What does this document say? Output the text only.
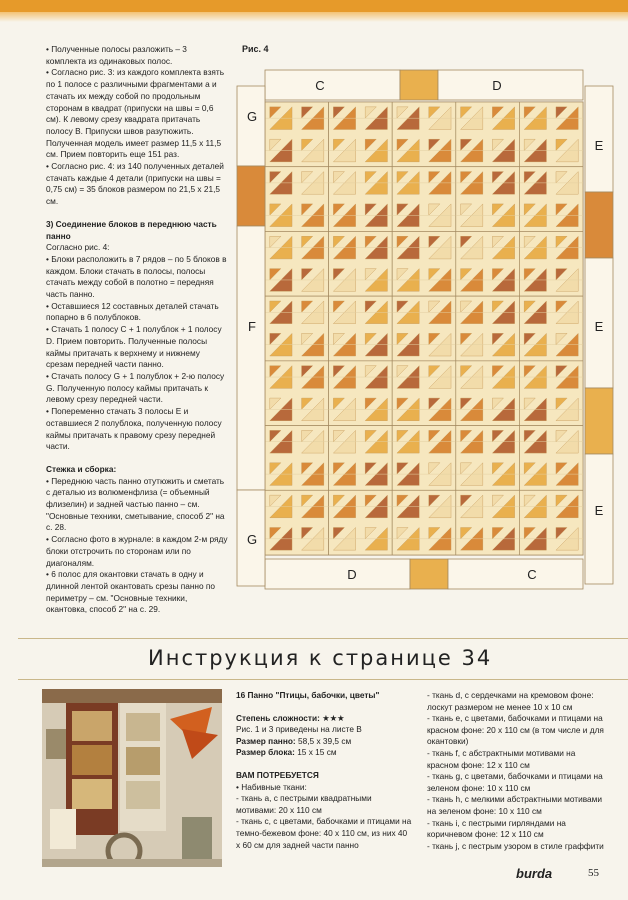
• Полученные полосы разложить – 3 комплекта из одинаковых полос.

• Согласно рис. 3: из каждого комплекта взять по 1 полосе с различными фрагментами а и стачать их между собой по продольным сторонам в квадрат (припуски на швы = 0,6 см). К левому срезу квадрата притачать полосу В. Припуски швов разутюжить. Полученная модель имеет размер 11,5 х 11,5 см. Прием повторить еще 151 раз.

• Согласно рис. 4: из 140 полученных деталей стачать каждые 4 детали (припуски на швы = 0,75 см) = 35 блоков размером по 21,5 х 21,5 см.

3) Соединение блоков в переднюю часть панно

Согласно рис. 4:

• Блоки расположить в 7 рядов – по 5 блоков в каждом. Блоки стачать в полосы, полосы стачать между собой в полотно = передняя часть панно.

• Оставшиеся 12 составных деталей стачать попарно в 6 полублоков.

• Стачать 1 полосу С + 1 полублок + 1 полосу D. Прием повторить. Полученные полосы каймы притачать к верхнему и нижнему срезам передней части панно.

• Стачать полосу G + 1 полублок + 2-ю полосу G. Полученную полосу каймы притачать к левому срезу передней части.

• Попеременно стачать 3 полосы Е и оставшиеся 2 полублока, полученную полосу каймы притачать к правому срезу передней части.

Стежка и сборка:

• Переднюю часть панно отутюжить и сметать с деталью из волюменфлиза (= объемный флизелин) и задней частью панно – см. "Основные техники, сметывание, способ 2" на с. 28.

• Согласно фото в журнале: в каждом 2-м ряду блоки отстрочить по сторонам или по диагоналям.

• 6 полос для окантовки стачать в одну и длинной лентой окантовать срезы панно по периметру – см. "Основные техники, окантовка, способ 2" на с. 29.

Рис. 4
C	D
D	C
G
F
G
E
E
E
Инструкция к странице 34

16 Панно "Птицы, бабочки, цветы"

Степень сложности: ★★★

Рис. 1 и 3 приведены на листе В

Размер панно: 58,5 х 39,5 см

Размер блока: 15 х 15 см

ВАМ ПОТРЕБУЕТСЯ

• Набивные ткани:

- ткань а, с пестрыми квадратными мотивами: 20 х 110 см

- ткань с, с цветами, бабочками и птицами на темно-бежевом фоне: 40 х 110 см, из них 40 х 60 см для задней части панно

- ткань d, с сердечками на кремовом фоне: лоскут размером не менее 10 х 10 см

- ткань е, с цветами, бабочками и птицами на красном фоне: 20 х 110 см (в том числе и для окантовки)

- ткань f, с абстрактными мотивами на красном фоне: 12 х 110 см

- ткань g, с цветами, бабочками и птицами на зеленом фоне: 10 х 110 см

- ткань h, с мелкими абстрактными мотивами на зеленом фоне: 10 х 110 см

- ткань i, с пестрыми гирляндами на коричневом фоне: 12 х 110 см

- ткань j, с пестрым узором в стиле граффити

burda	55
